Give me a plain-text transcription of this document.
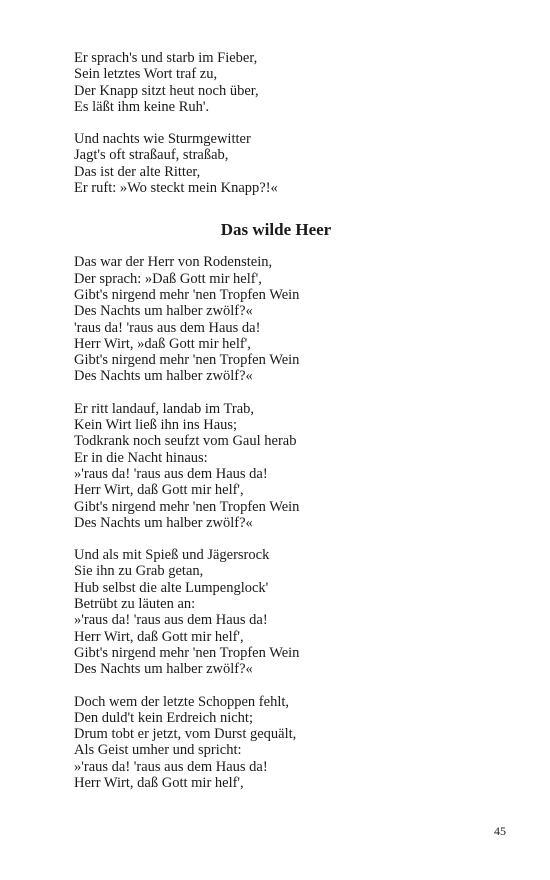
Er sprach's und starb im Fieber,
Sein letztes Wort traf zu,
Der Knapp sitzt heut noch über,
Es läßt ihm keine Ruh'.
Und nachts wie Sturmgewitter
Jagt's oft straßauf, straßab,
Das ist der alte Ritter,
Er ruft: »Wo steckt mein Knapp?!«
Das wilde Heer
Das war der Herr von Rodenstein,
Der sprach: »Daß Gott mir helf',
Gibt's nirgend mehr 'nen Tropfen Wein
Des Nachts um halber zwölf?«
'raus da! 'raus aus dem Haus da!
Herr Wirt, »daß Gott mir helf',
Gibt's nirgend mehr 'nen Tropfen Wein
Des Nachts um halber zwölf?«
Er ritt landauf, landab im Trab,
Kein Wirt ließ ihn ins Haus;
Todkrank noch seufzt vom Gaul herab
Er in die Nacht hinaus:
»'raus da! 'raus aus dem Haus da!
Herr Wirt, daß Gott mir helf',
Gibt's nirgend mehr 'nen Tropfen Wein
Des Nachts um halber zwölf?«
Und als mit Spieß und Jägersrock
Sie ihn zu Grab getan,
Hub selbst die alte Lumpenglock'
Betrübt zu läuten an:
»'raus da! 'raus aus dem Haus da!
Herr Wirt, daß Gott mir helf',
Gibt's nirgend mehr 'nen Tropfen Wein
Des Nachts um halber zwölf?«
Doch wem der letzte Schoppen fehlt,
Den duld't kein Erdreich nicht;
Drum tobt er jetzt, vom Durst gequält,
Als Geist umher und spricht:
»'raus da! 'raus aus dem Haus da!
Herr Wirt, daß Gott mir helf',
45
